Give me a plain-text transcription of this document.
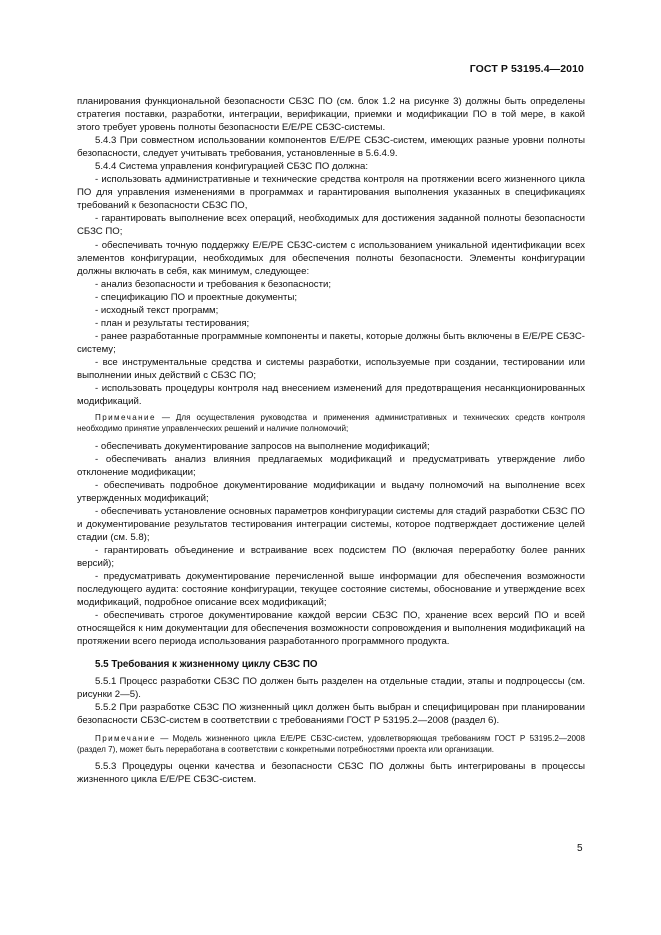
ГОСТ Р 53195.4—2010

планирования функциональной безопасности СБЗС ПО (см. блок 1.2 на рисунке 3) должны быть определены стратегия поставки, разработки, интеграции, верификации, приемки и модификации ПО в той мере, в какой этого требует уровень полноты безопасности E/E/PE СБЗС-системы.

5.4.3 При совместном использовании компонентов E/E/PE СБЗС-систем, имеющих разные уровни полноты безопасности, следует учитывать требования, установленные в 5.6.4.9.

5.4.4 Система управления конфигурацией СБЗС ПО должна:

- использовать административные и технические средства контроля на протяжении всего жизненного цикла ПО для управления изменениями в программах и гарантирования выполнения указанных в спецификациях требований к безопасности СБЗС ПО,

- гарантировать выполнение всех операций, необходимых для достижения заданной полноты безопасности СБЗС ПО;

- обеспечивать точную поддержку E/E/PE СБЗС-систем с использованием уникальной идентификации всех элементов конфигурации, необходимых для обеспечения полноты безопасности. Элементы конфигурации должны включать в себя, как минимум, следующее:

- анализ безопасности и требования к безопасности;

- спецификацию ПО и проектные документы;

- исходный текст программ;

- план и результаты тестирования;

- ранее разработанные программные компоненты и пакеты, которые должны быть включены в E/E/PE СБЗС-систему;

- все инструментальные средства и системы разработки, используемые при создании, тестировании или выполнении иных действий с СБЗС ПО;

- использовать процедуры контроля над внесением изменений для предотвращения несанкционированных модификаций.

Примечание — Для осуществления руководства и применения административных и технических средств контроля необходимо принятие управленческих решений и наличие полномочий;

- обеспечивать документирование запросов на выполнение модификаций;

- обеспечивать анализ влияния предлагаемых модификаций и предусматривать утверждение либо отклонение модификации;

- обеспечивать подробное документирование модификации и выдачу полномочий на выполнение всех утвержденных модификаций;

- обеспечивать установление основных параметров конфигурации системы для стадий разработки СБЗС ПО и документирование результатов тестирования интеграции системы, которое подтверждает достижение целей стадии (см. 5.8);

- гарантировать объединение и встраивание всех подсистем ПО (включая переработку более ранних версий);

- предусматривать документирование перечисленной выше информации для обеспечения возможности последующего аудита: состояние конфигурации, текущее состояние системы, обоснование и утверждение всех модификаций, подробное описание всех модификаций;

- обеспечивать строгое документирование каждой версии СБЗС ПО, хранение всех версий ПО и всей относящейся к ним документации для обеспечения возможности сопровождения и выполнения модификаций на протяжении всего периода использования разработанного программного продукта.

5.5 Требования к жизненному циклу СБЗС ПО

5.5.1 Процесс разработки СБЗС ПО должен быть разделен на отдельные стадии, этапы и подпроцессы (см. рисунки 2—5).

5.5.2 При разработке СБЗС ПО жизненный цикл должен быть выбран и специфицирован при планировании безопасности СБЗС-систем в соответствии с требованиями ГОСТ Р 53195.2—2008 (раздел 6).

Примечание — Модель жизненного цикла E/E/PE СБЗС-систем, удовлетворяющая требованиям ГОСТ Р 53195.2—2008 (раздел 7), может быть переработана в соответствии с конкретными потребностями проекта или организации.

5.5.3 Процедуры оценки качества и безопасности СБЗС ПО должны быть интегрированы в процессы жизненного цикла E/E/PE СБЗС-систем.

5
